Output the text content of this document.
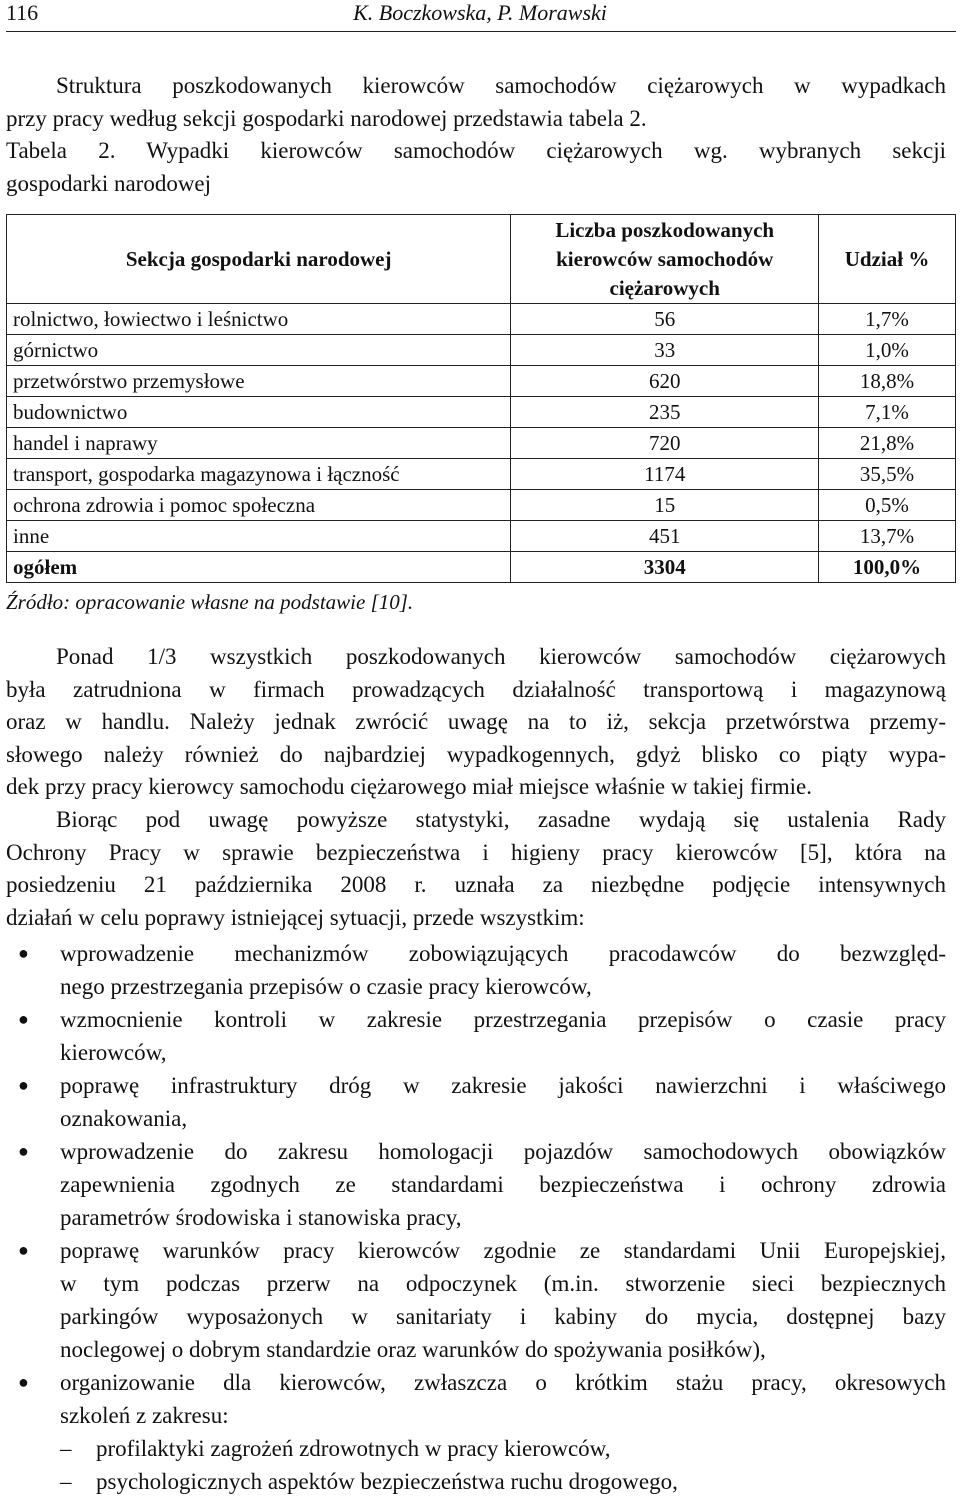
116	K. Boczkowska, P. Morawski
Struktura poszkodowanych kierowców samochodów ciężarowych w wypadkach
przy pracy według sekcji gospodarki narodowej przedstawia tabela 2.
Tabela 2. Wypadki kierowców samochodów ciężarowych wg. wybranych sekcji
gospodarki narodowej
Sekcja gospodarki narodowej	Liczba poszkodowanych kierowców samochodów ciężarowych	Udział %
rolnictwo, łowiectwo i leśnictwo	56	1,7%
górnictwo	33	1,0%
przetwórstwo przemysłowe	620	18,8%
budownictwo	235	7,1%
handel i naprawy	720	21,8%
transport, gospodarka magazynowa i łączność	1174	35,5%
ochrona zdrowia i pomoc społeczna	15	0,5%
inne	451	13,7%
ogółem	3304	100,0%
Źródło: opracowanie własne na podstawie [10].
Ponad 1/3 wszystkich poszkodowanych kierowców samochodów ciężarowych
była zatrudniona w firmach prowadzących działalność transportową i magazynową
oraz w handlu. Należy jednak zwrócić uwagę na to iż, sekcja przetwórstwa przemy-
słowego należy również do najbardziej wypadkogennych, gdyż blisko co piąty wypa-
dek przy pracy kierowcy samochodu ciężarowego miał miejsce właśnie w takiej firmie.
Biorąc pod uwagę powyższe statystyki, zasadne wydają się ustalenia Rady
Ochrony Pracy w sprawie bezpieczeństwa i higieny pracy kierowców [5], która na
posiedzeniu 21 października 2008 r. uznała za niezbędne podjęcie intensywnych
działań w celu poprawy istniejącej sytuacji, przede wszystkim:
● wprowadzenie mechanizmów zobowiązujących pracodawców do bezwzględ-
nego przestrzegania przepisów o czasie pracy kierowców,
● wzmocnienie kontroli w zakresie przestrzegania przepisów o czasie pracy
kierowców,
● poprawę infrastruktury dróg w zakresie jakości nawierzchni i właściwego
oznakowania,
● wprowadzenie do zakresu homologacji pojazdów samochodowych obowiązków
zapewnienia zgodnych ze standardami bezpieczeństwa i ochrony zdrowia
parametrów środowiska i stanowiska pracy,
● poprawę warunków pracy kierowców zgodnie ze standardami Unii Europejskiej,
w tym podczas przerw na odpoczynek (m.in. stworzenie sieci bezpiecznych
parkingów wyposażonych w sanitariaty i kabiny do mycia, dostępnej bazy
noclegowej o dobrym standardzie oraz warunków do spożywania posiłków),
● organizowanie dla kierowców, zwłaszcza o krótkim stażu pracy, okresowych
szkoleń z zakresu:
– profilaktyki zagrożeń zdrowotnych w pracy kierowców,
– psychologicznych aspektów bezpieczeństwa ruchu drogowego,
